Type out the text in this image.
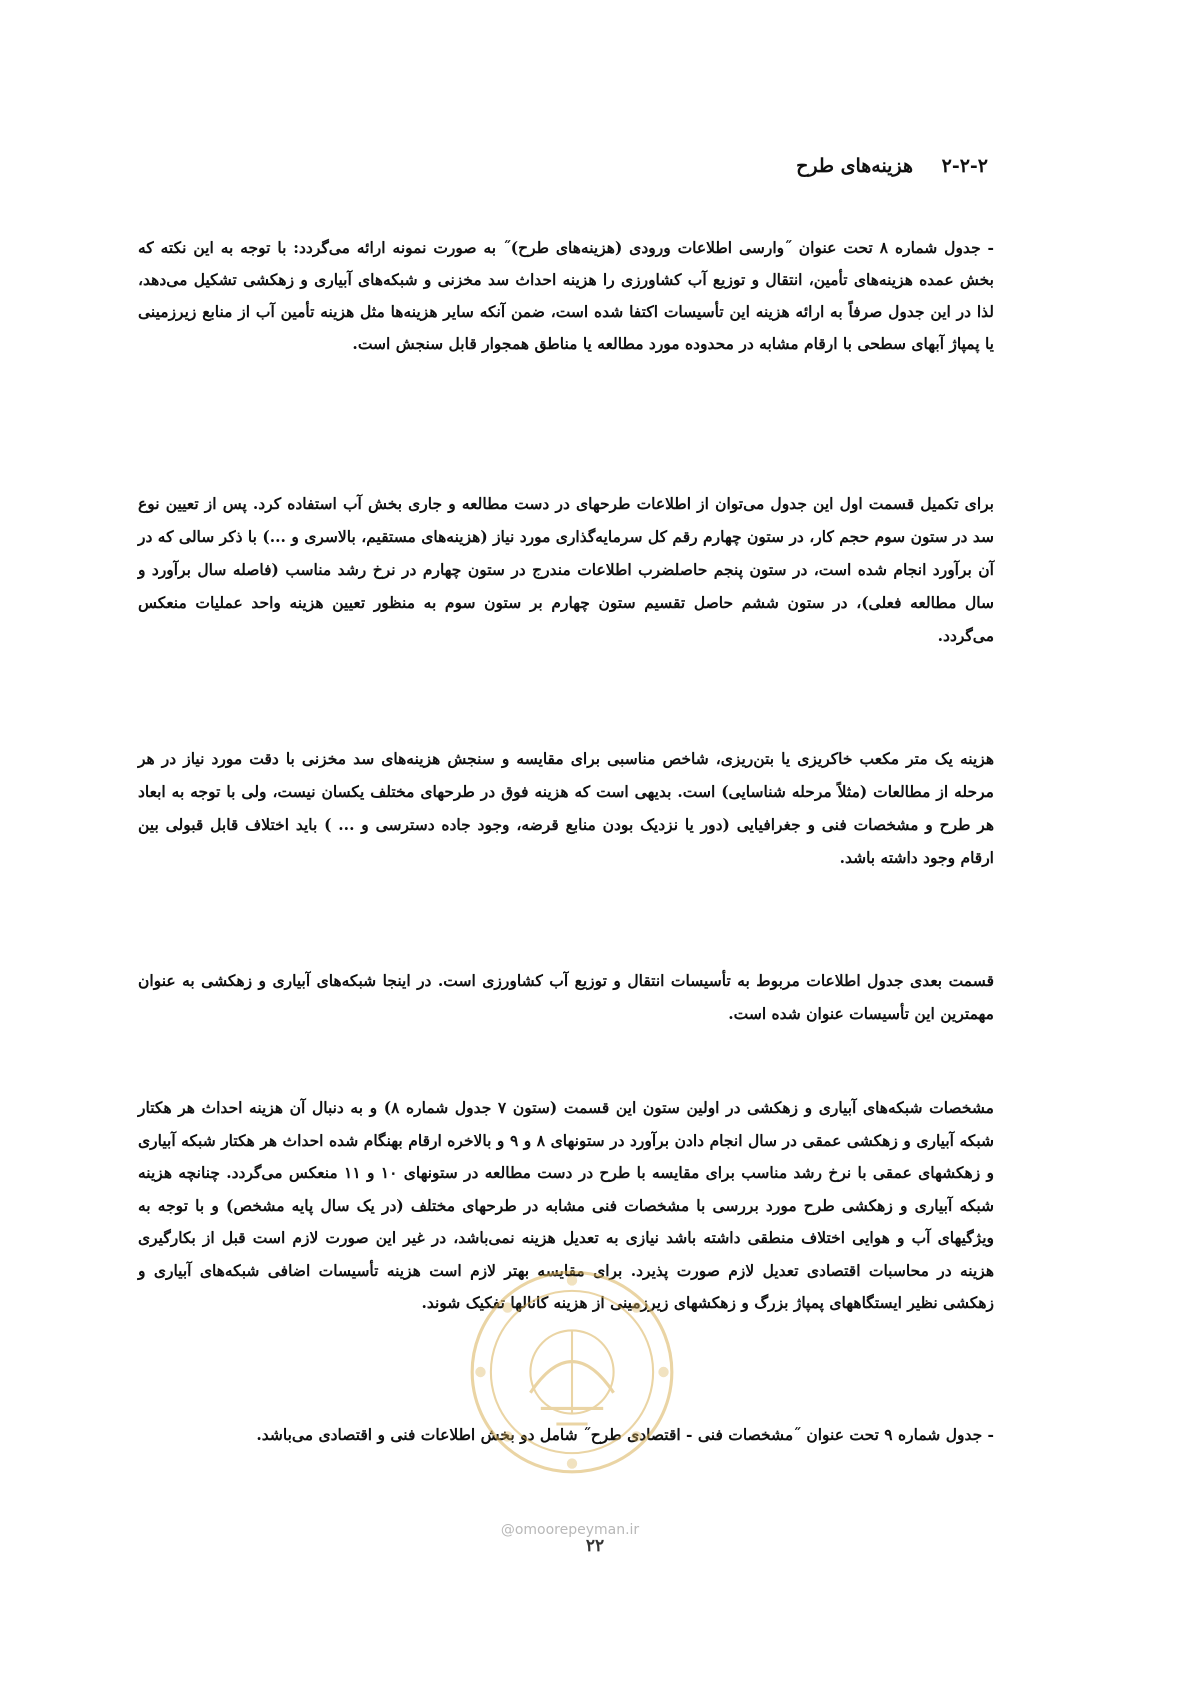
۲-۲-۲ هزینه‌های طرح
- جدول شماره ۸ تحت عنوان ˝وارسی اطلاعات ورودی (هزینه‌های طرح)˝ به صورت نمونه ارائه می‌گردد: با توجه به این نکته که بخش عمده هزینه‌های تأمین، انتقال و توزیع آب کشاورزی را هزینه احداث سد مخزنی و شبکه‌های آبیاری و زهکشی تشکیل می‌دهد، لذا در این جدول صرفاً به ارائه هزینه این تأسیسات اکتفا شده است، ضمن آنکه سایر هزینه‌ها مثل هزینه تأمین آب از منابع زیرزمینی یا پمپاژ آبهای سطحی با ارقام مشابه در محدوده مورد مطالعه یا مناطق همجوار قابل سنجش است.
برای تکمیل قسمت اول این جدول می‌توان از اطلاعات طرحهای در دست مطالعه و جاری بخش آب استفاده کرد. پس از تعیین نوع سد در ستون سوم حجم کار، در ستون چهارم رقم کل سرمایه‌گذاری مورد نیاز (هزینه‌های مستقیم، بالاسری و ...) با ذکر سالی که در آن برآورد انجام شده است، در ستون پنجم حاصلضرب اطلاعات مندرج در ستون چهارم در نرخ رشد مناسب (فاصله سال برآورد و سال مطالعه فعلی)، در ستون ششم حاصل تقسیم ستون چهارم بر ستون سوم به منظور تعیین هزینه واحد عملیات منعکس می‌گردد.
هزینه یک متر مکعب خاکریزی یا بتن‌ریزی، شاخص مناسبی برای مقایسه و سنجش هزینه‌های سد مخزنی با دقت مورد نیاز در هر مرحله از مطالعات (مثلاً مرحله شناسایی) است. بدیهی است که هزینه فوق در طرحهای مختلف یکسان نیست، ولی با توجه به ابعاد هر طرح و مشخصات فنی و جغرافیایی (دور یا نزدیک بودن منابع قرضه، وجود جاده دسترسی و ... ) باید اختلاف قابل قبولی بین ارقام وجود داشته باشد.
قسمت بعدی جدول اطلاعات مربوط به تأسیسات انتقال و توزیع آب کشاورزی است. در اینجا شبکه‌های آبیاری و زهکشی به عنوان مهمترین این تأسیسات عنوان شده است.
مشخصات شبکه‌های آبیاری و زهکشی در اولین ستون این قسمت (ستون ۷ جدول شماره ۸) و به دنبال آن هزینه احداث هر هکتار شبکه آبیاری و زهکشی عمقی در سال انجام دادن برآورد در ستونهای ۸ و ۹ و بالاخره ارقام بهنگام شده احداث هر هکتار شبکه آبیاری و زهکشهای عمقی با نرخ رشد مناسب برای مقایسه با طرح در دست مطالعه در ستونهای ۱۰ و ۱۱ منعکس می‌گردد. چنانچه هزینه شبکه آبیاری و زهکشی طرح مورد بررسی با مشخصات فنی مشابه در طرحهای مختلف (در یک سال پایه مشخص) و با توجه به ویژگیهای آب و هوایی اختلاف منطقی داشته باشد نیازی به تعدیل هزینه نمی‌باشد، در غیر این صورت لازم است قبل از بکارگیری هزینه در محاسبات اقتصادی تعدیل لازم صورت پذیرد. برای مقایسه بهتر لازم است هزینه تأسیسات اضافی شبکه‌های آبیاری و زهکشی نظیر ایستگاههای پمپاژ بزرگ و زهکشهای زیرزمینی از هزینه کانالها تفکیک شوند.
- جدول شماره ۹ تحت عنوان ˝مشخصات فنی - اقتصادی طرح˝ شامل دو بخش اطلاعات فنی و اقتصادی می‌باشد.
@omoorepeyman.ir
۲۲
